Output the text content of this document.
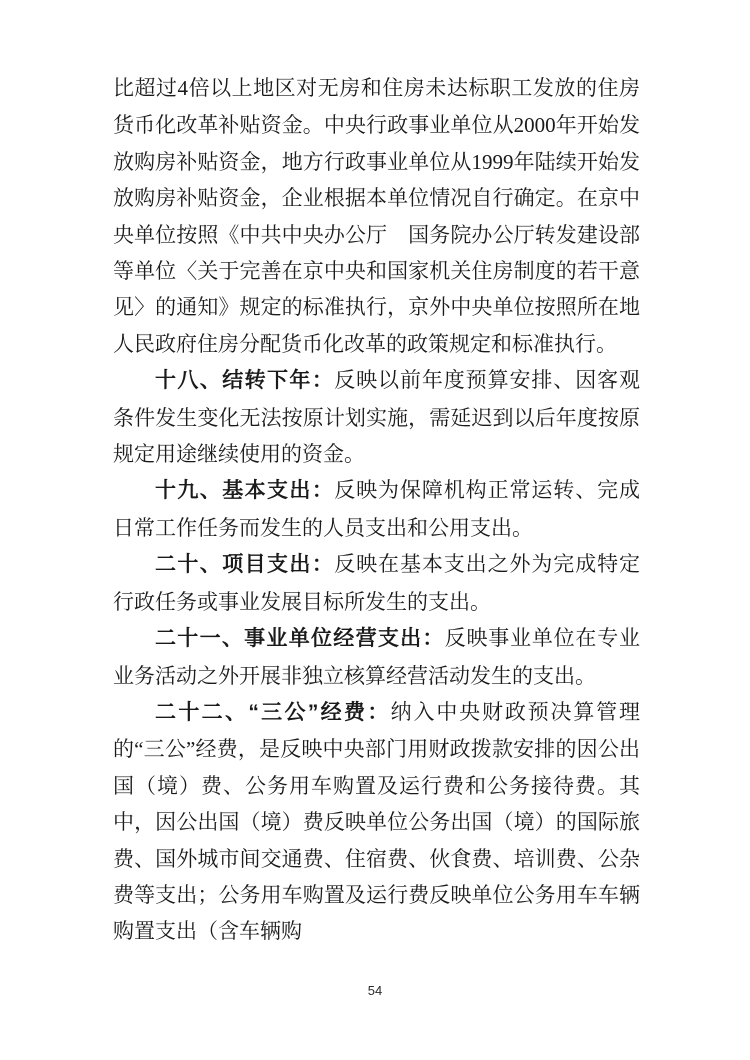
比超过4倍以上地区对无房和住房未达标职工发放的住房货币化改革补贴资金。中央行政事业单位从2000年开始发放购房补贴资金，地方行政事业单位从1999年陆续开始发放购房补贴资金，企业根据本单位情况自行确定。在京中央单位按照《中共中央办公厅　国务院办公厅转发建设部等单位〈关于完善在京中央和国家机关住房制度的若干意见〉的通知》规定的标准执行，京外中央单位按照所在地人民政府住房分配货币化改革的政策规定和标准执行。

十八、结转下年：反映以前年度预算安排、因客观条件发生变化无法按原计划实施，需延迟到以后年度按原规定用途继续使用的资金。

十九、基本支出：反映为保障机构正常运转、完成日常工作任务而发生的人员支出和公用支出。

二十、项目支出：反映在基本支出之外为完成特定行政任务或事业发展目标所发生的支出。

二十一、事业单位经营支出：反映事业单位在专业业务活动之外开展非独立核算经营活动发生的支出。

二十二、“三公”经费：纳入中央财政预决算管理的“三公”经费，是反映中央部门用财政拨款安排的因公出国（境）费、公务用车购置及运行费和公务接待费。其中，因公出国（境）费反映单位公务出国（境）的国际旅费、国外城市间交通费、住宿费、伙食费、培训费、公杂费等支出；公务用车购置及运行费反映单位公务用车车辆购置支出（含车辆购

54
